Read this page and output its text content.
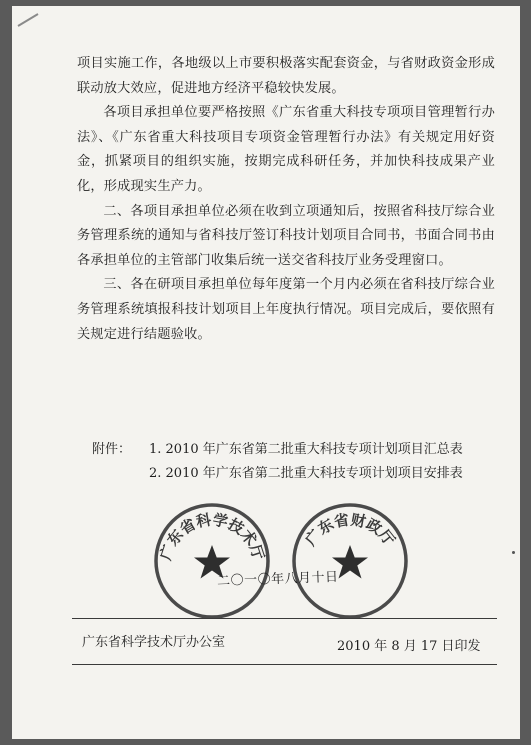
项目实施工作，各地级以上市要积极落实配套资金，与省财政资金形成联动放大效应，促进地方经济平稳较快发展。

各项目承担单位要严格按照《广东省重大科技专项项目管理暂行办法》、《广东省重大科技项目专项资金管理暂行办法》有关规定用好资金，抓紧项目的组织实施，按期完成科研任务，并加快科技成果产业化，形成现实生产力。

二、各项目承担单位必须在收到立项通知后，按照省科技厅综合业务管理系统的通知与省科技厅签订科技计划项目合同书，书面合同书由各承担单位的主管部门收集后统一送交省科技厅业务受理窗口。

三、各在研项目承担单位每年度第一个月内必须在省科技厅综合业务管理系统填报科技计划项目上年度执行情况。项目完成后，要依照有关规定进行结题验收。

附件：	1. 2010 年广东省第二批重大科技专项计划项目汇总表
2. 2010 年广东省第二批重大科技专项计划项目安排表
广东省科学技术厅
广东省财政厅
二〇一〇年八月十日
广东省科学技术厅办公室	2010 年 8 月 17 日印发
